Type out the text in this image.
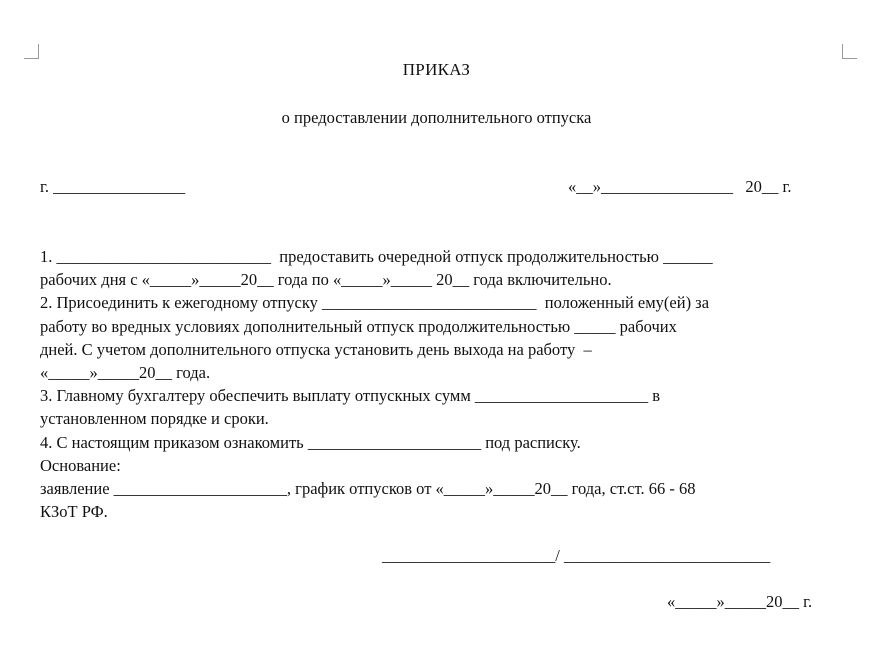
ПРИКАЗ
о предоставлении дополнительного отпуска
г. ________________	«__»________________   20__ г.
1. __________________________  предоставить очередной отпуск продолжительностью ______
рабочих дня с «_____»_____20__ года по «_____»_____ 20__ года включительно.
2. Присоединить к ежегодному отпуску __________________________  положенный ему(ей) за
работу во вредных условиях дополнительный отпуск продолжительностью _____ рабочих
дней. С учетом дополнительного отпуска установить день выхода на работу  –
«_____»_____20__ года.
3. Главному бухгалтеру обеспечить выплату отпускных сумм _____________________ в
установленном порядке и сроки.
4. С настоящим приказом ознакомить _____________________ под расписку.
Основание:
заявление _____________________, график отпусков от «_____»_____20__ года, ст.ст. 66 - 68
КЗоТ РФ.
_____________________/ _________________________
«_____»_____20__ г.
